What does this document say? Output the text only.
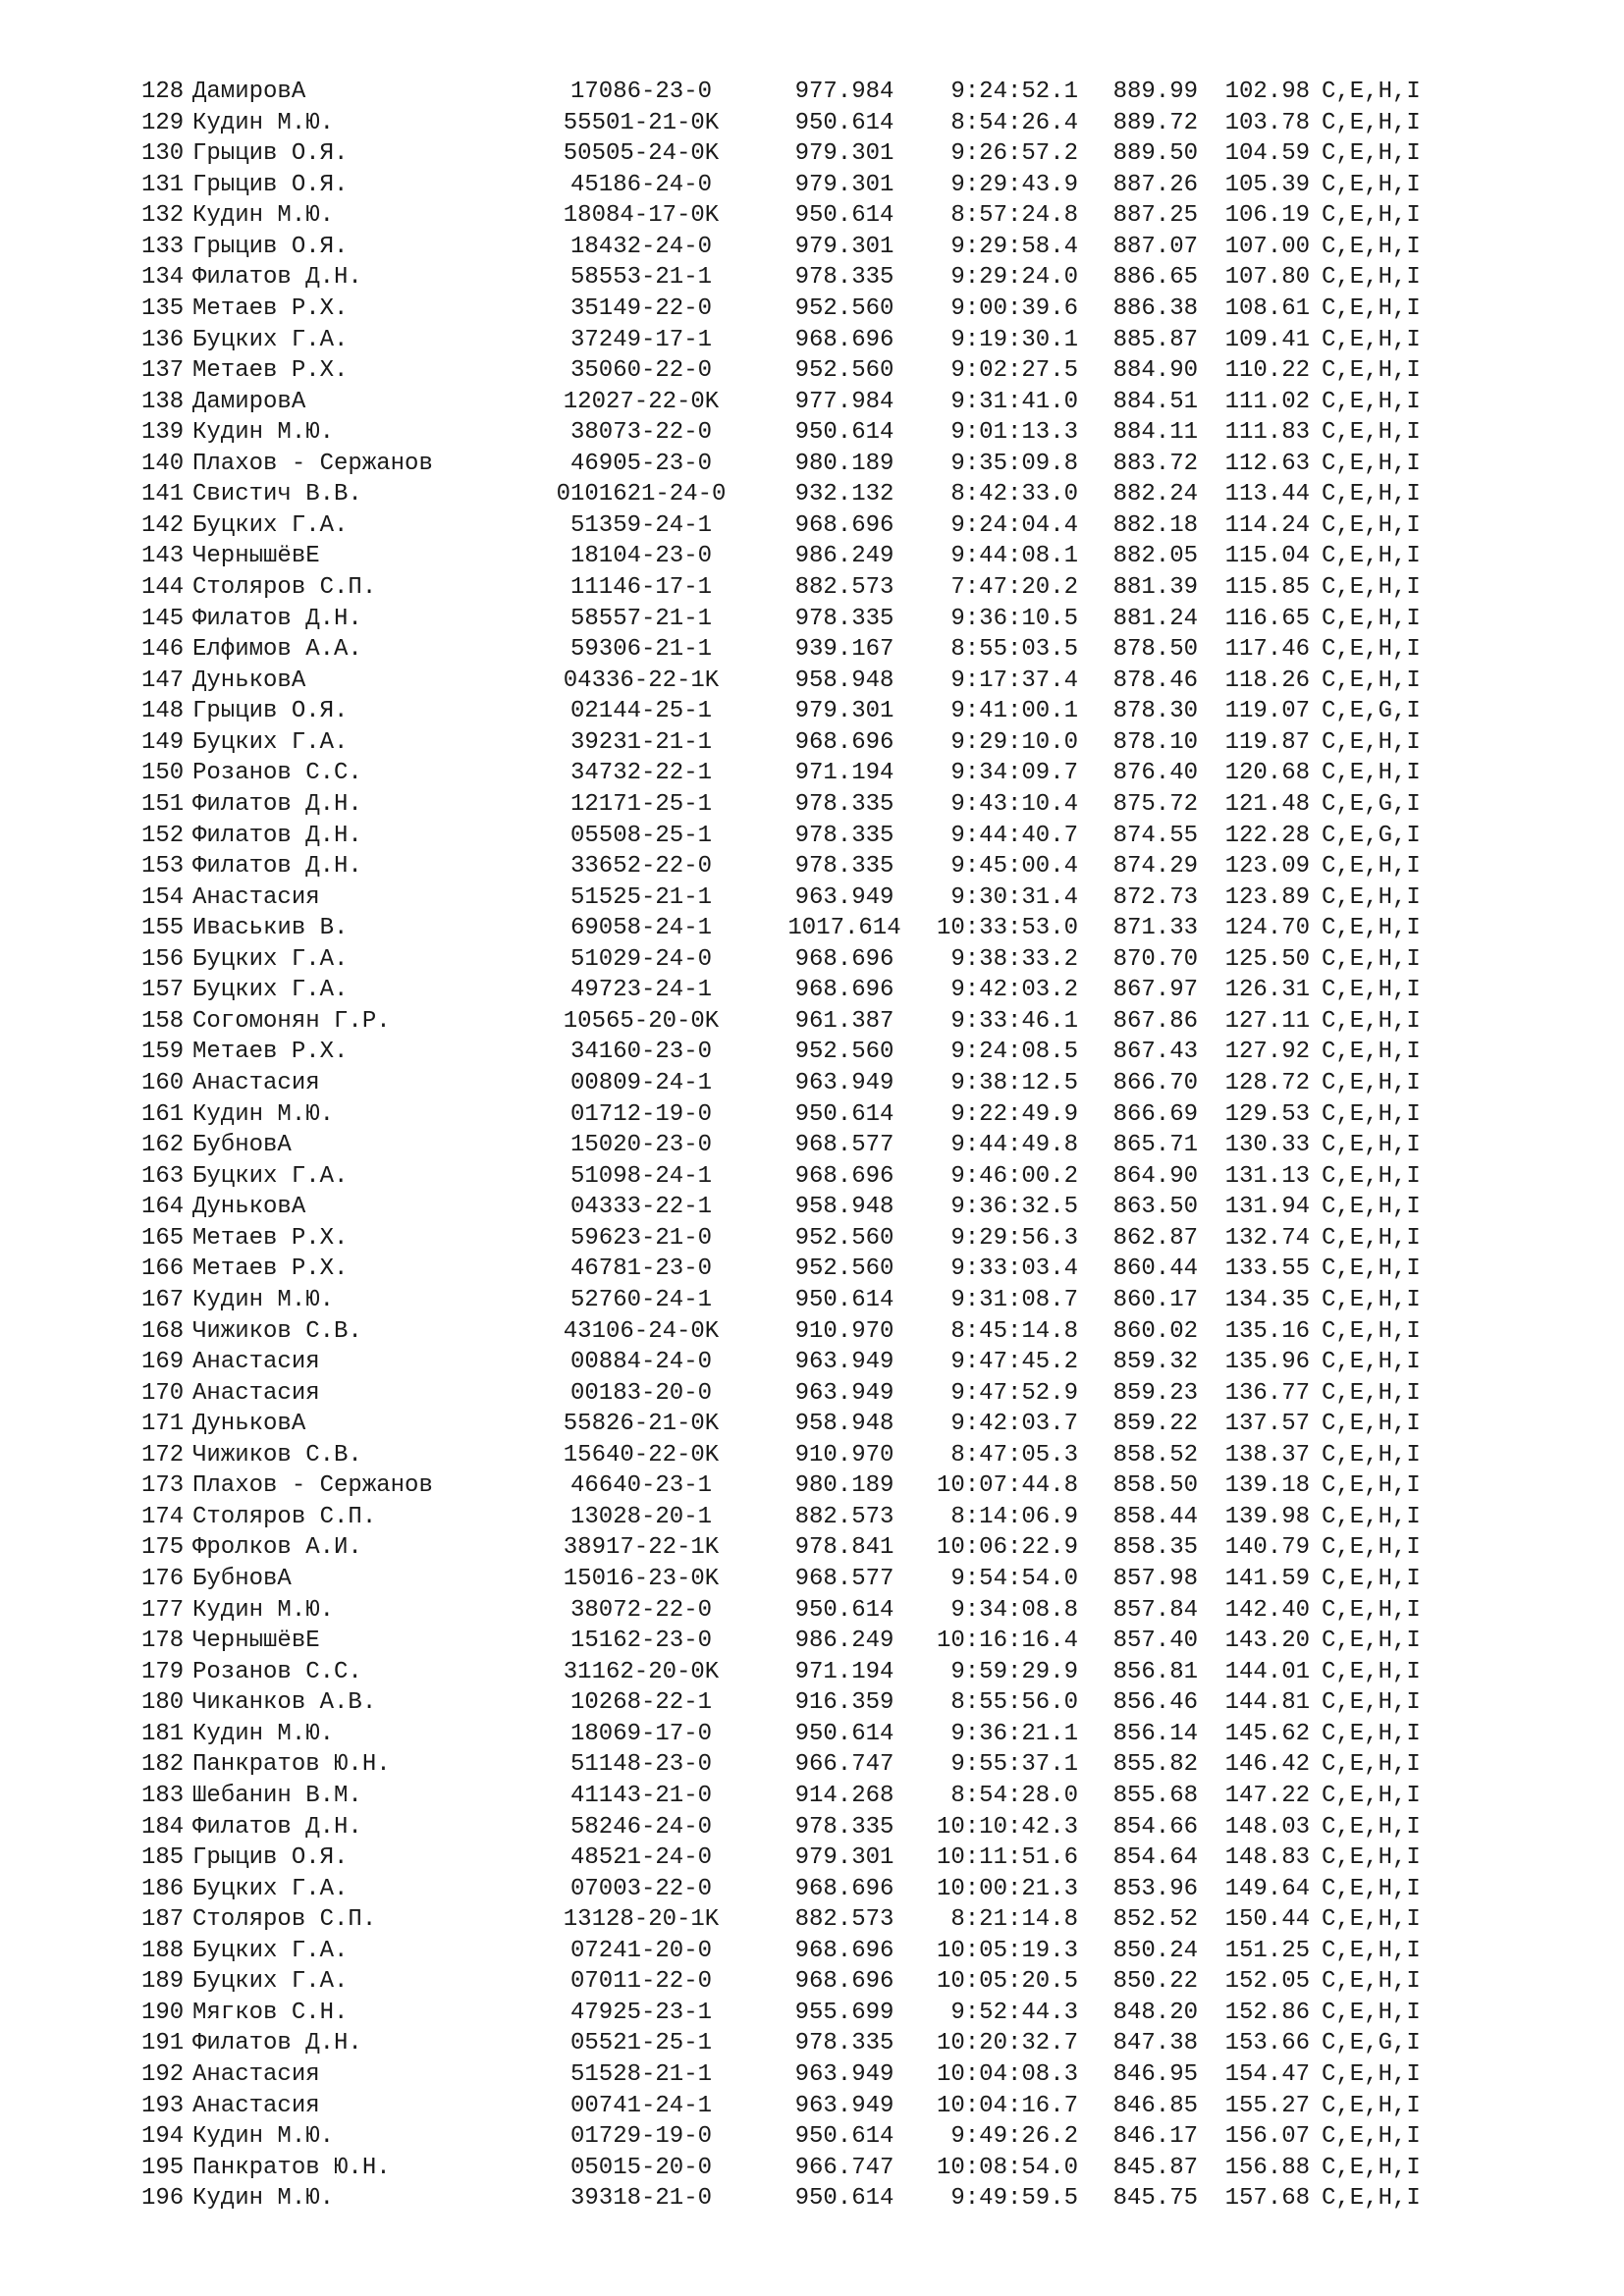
128 ДамировА	17086-23-0	977.984	9:24:52.1	889.99	102.98 C,E,H,I
129 Кудин М.Ю.	55501-21-0K	950.614	8:54:26.4	889.72	103.78 C,E,H,I
130 Грыцив О.Я.	50505-24-0K	979.301	9:26:57.2	889.50	104.59 C,E,H,I
131 Грыцив О.Я.	45186-24-0	979.301	9:29:43.9	887.26	105.39 C,E,H,I
132 Кудин М.Ю.	18084-17-0K	950.614	8:57:24.8	887.25	106.19 C,E,H,I
133 Грыцив О.Я.	18432-24-0	979.301	9:29:58.4	887.07	107.00 C,E,H,I
134 Филатов Д.Н.	58553-21-1	978.335	9:29:24.0	886.65	107.80 C,E,H,I
135 Метаев Р.Х.	35149-22-0	952.560	9:00:39.6	886.38	108.61 C,E,H,I
136 Буцких Г.А.	37249-17-1	968.696	9:19:30.1	885.87	109.41 C,E,H,I
137 Метаев Р.Х.	35060-22-0	952.560	9:02:27.5	884.90	110.22 C,E,H,I
138 ДамировА	12027-22-0K	977.984	9:31:41.0	884.51	111.02 C,E,H,I
139 Кудин М.Ю.	38073-22-0	950.614	9:01:13.3	884.11	111.83 C,E,H,I
140 Плахов - Сержанов	46905-23-0	980.189	9:35:09.8	883.72	112.63 C,E,H,I
141 Свистич В.В.	0101621-24-0	932.132	8:42:33.0	882.24	113.44 C,E,H,I
142 Буцких Г.А.	51359-24-1	968.696	9:24:04.4	882.18	114.24 C,E,H,I
143 ЧернышёвЕ	18104-23-0	986.249	9:44:08.1	882.05	115.04 C,E,H,I
144 Столяров С.П.	11146-17-1	882.573	7:47:20.2	881.39	115.85 C,E,H,I
145 Филатов Д.Н.	58557-21-1	978.335	9:36:10.5	881.24	116.65 C,E,H,I
146 Елфимов А.А.	59306-21-1	939.167	8:55:03.5	878.50	117.46 C,E,H,I
147 ДуньковА	04336-22-1K	958.948	9:17:37.4	878.46	118.26 C,E,H,I
148 Грыцив О.Я.	02144-25-1	979.301	9:41:00.1	878.30	119.07 C,E,G,I
149 Буцких Г.А.	39231-21-1	968.696	9:29:10.0	878.10	119.87 C,E,H,I
150 Розанов С.С.	34732-22-1	971.194	9:34:09.7	876.40	120.68 C,E,H,I
151 Филатов Д.Н.	12171-25-1	978.335	9:43:10.4	875.72	121.48 C,E,G,I
152 Филатов Д.Н.	05508-25-1	978.335	9:44:40.7	874.55	122.28 C,E,G,I
153 Филатов Д.Н.	33652-22-0	978.335	9:45:00.4	874.29	123.09 C,E,H,I
154 Анастасия	51525-21-1	963.949	9:30:31.4	872.73	123.89 C,E,H,I
155 Иваськив В.	69058-24-1	1017.614	10:33:53.0	871.33	124.70 C,E,H,I
156 Буцких Г.А.	51029-24-0	968.696	9:38:33.2	870.70	125.50 C,E,H,I
157 Буцких Г.А.	49723-24-1	968.696	9:42:03.2	867.97	126.31 C,E,H,I
158 Согомонян Г.Р.	10565-20-0K	961.387	9:33:46.1	867.86	127.11 C,E,H,I
159 Метаев Р.Х.	34160-23-0	952.560	9:24:08.5	867.43	127.92 C,E,H,I
160 Анастасия	00809-24-1	963.949	9:38:12.5	866.70	128.72 C,E,H,I
161 Кудин М.Ю.	01712-19-0	950.614	9:22:49.9	866.69	129.53 C,E,H,I
162 БубновА	15020-23-0	968.577	9:44:49.8	865.71	130.33 C,E,H,I
163 Буцких Г.А.	51098-24-1	968.696	9:46:00.2	864.90	131.13 C,E,H,I
164 ДуньковА	04333-22-1	958.948	9:36:32.5	863.50	131.94 C,E,H,I
165 Метаев Р.Х.	59623-21-0	952.560	9:29:56.3	862.87	132.74 C,E,H,I
166 Метаев Р.Х.	46781-23-0	952.560	9:33:03.4	860.44	133.55 C,E,H,I
167 Кудин М.Ю.	52760-24-1	950.614	9:31:08.7	860.17	134.35 C,E,H,I
168 Чижиков С.В.	43106-24-0K	910.970	8:45:14.8	860.02	135.16 C,E,H,I
169 Анастасия	00884-24-0	963.949	9:47:45.2	859.32	135.96 C,E,H,I
170 Анастасия	00183-20-0	963.949	9:47:52.9	859.23	136.77 C,E,H,I
171 ДуньковА	55826-21-0K	958.948	9:42:03.7	859.22	137.57 C,E,H,I
172 Чижиков С.В.	15640-22-0K	910.970	8:47:05.3	858.52	138.37 C,E,H,I
173 Плахов - Сержанов	46640-23-1	980.189	10:07:44.8	858.50	139.18 C,E,H,I
174 Столяров С.П.	13028-20-1	882.573	8:14:06.9	858.44	139.98 C,E,H,I
175 Фролков А.И.	38917-22-1K	978.841	10:06:22.9	858.35	140.79 C,E,H,I
176 БубновА	15016-23-0K	968.577	9:54:54.0	857.98	141.59 C,E,H,I
177 Кудин М.Ю.	38072-22-0	950.614	9:34:08.8	857.84	142.40 C,E,H,I
178 ЧернышёвЕ	15162-23-0	986.249	10:16:16.4	857.40	143.20 C,E,H,I
179 Розанов С.С.	31162-20-0K	971.194	9:59:29.9	856.81	144.01 C,E,H,I
180 Чиканков А.В.	10268-22-1	916.359	8:55:56.0	856.46	144.81 C,E,H,I
181 Кудин М.Ю.	18069-17-0	950.614	9:36:21.1	856.14	145.62 C,E,H,I
182 Панкратов Ю.Н.	51148-23-0	966.747	9:55:37.1	855.82	146.42 C,E,H,I
183 Шебанин В.М.	41143-21-0	914.268	8:54:28.0	855.68	147.22 C,E,H,I
184 Филатов Д.Н.	58246-24-0	978.335	10:10:42.3	854.66	148.03 C,E,H,I
185 Грыцив О.Я.	48521-24-0	979.301	10:11:51.6	854.64	148.83 C,E,H,I
186 Буцких Г.А.	07003-22-0	968.696	10:00:21.3	853.96	149.64 C,E,H,I
187 Столяров С.П.	13128-20-1K	882.573	8:21:14.8	852.52	150.44 C,E,H,I
188 Буцких Г.А.	07241-20-0	968.696	10:05:19.3	850.24	151.25 C,E,H,I
189 Буцких Г.А.	07011-22-0	968.696	10:05:20.5	850.22	152.05 C,E,H,I
190 Мягков С.Н.	47925-23-1	955.699	9:52:44.3	848.20	152.86 C,E,H,I
191 Филатов Д.Н.	05521-25-1	978.335	10:20:32.7	847.38	153.66 C,E,G,I
192 Анастасия	51528-21-1	963.949	10:04:08.3	846.95	154.47 C,E,H,I
193 Анастасия	00741-24-1	963.949	10:04:16.7	846.85	155.27 C,E,H,I
194 Кудин М.Ю.	01729-19-0	950.614	9:49:26.2	846.17	156.07 C,E,H,I
195 Панкратов Ю.Н.	05015-20-0	966.747	10:08:54.0	845.87	156.88 C,E,H,I
196 Кудин М.Ю.	39318-21-0	950.614	9:49:59.5	845.75	157.68 C,E,H,I
